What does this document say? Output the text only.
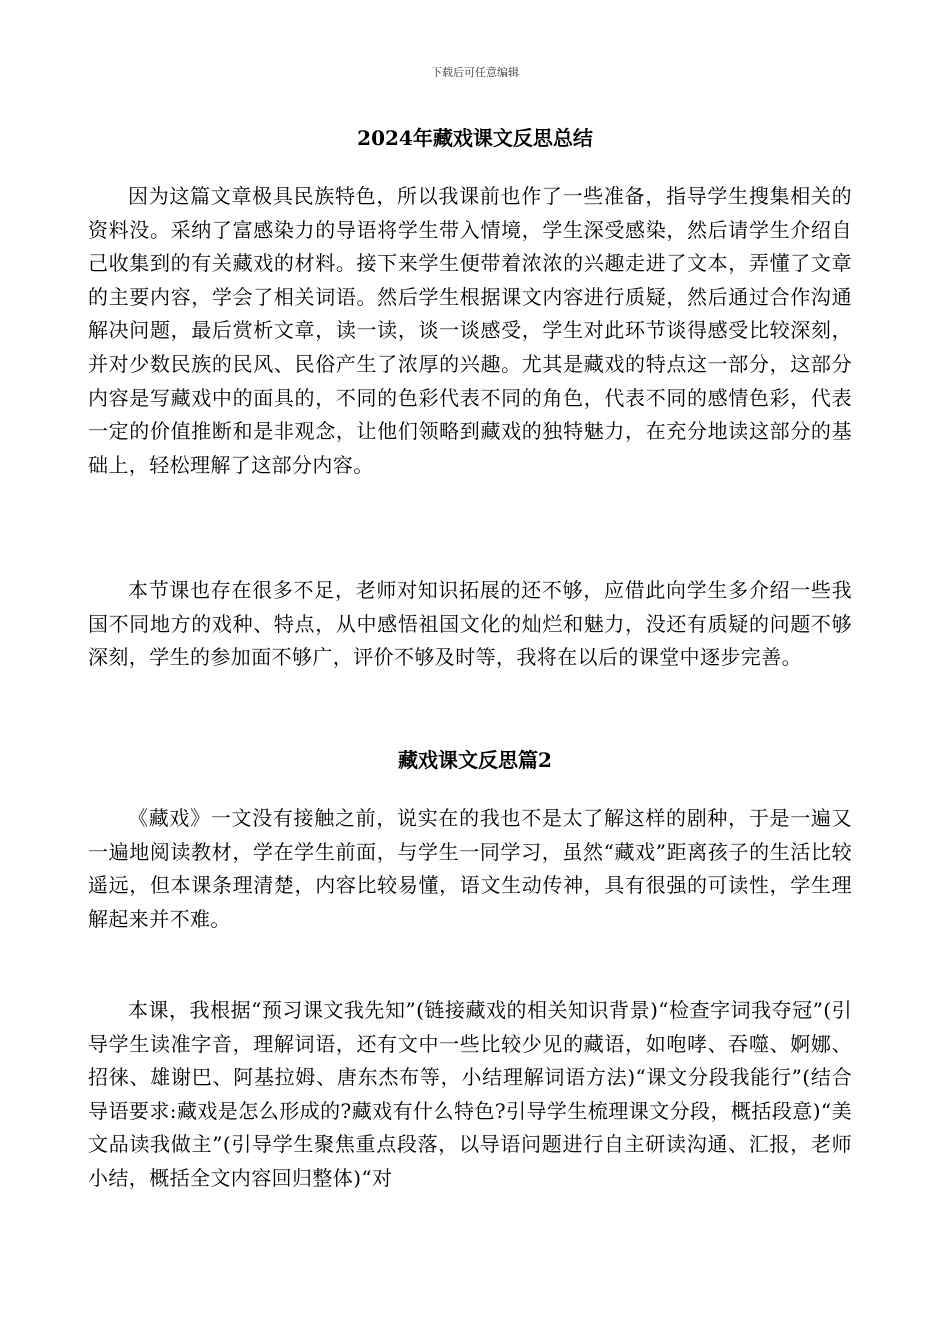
下载后可任意编辑
2024年藏戏课文反思总结

因为这篇文章极具民族特色，所以我课前也作了一些准备，指导学生搜集相关的资料没。采纳了富感染力的导语将学生带入情境，学生深受感染，然后请学生介绍自己收集到的有关藏戏的材料。接下来学生便带着浓浓的兴趣走进了文本，弄懂了文章的主要内容，学会了相关词语。然后学生根据课文内容进行质疑，然后通过合作沟通解决问题，最后赏析文章，读一读，谈一谈感受，学生对此环节谈得感受比较深刻，并对少数民族的民风、民俗产生了浓厚的兴趣。尤其是藏戏的特点这一部分，这部分内容是写藏戏中的面具的，不同的色彩代表不同的角色，代表不同的感情色彩，代表一定的价值推断和是非观念，让他们领略到藏戏的独特魅力，在充分地读这部分的基础上，轻松理解了这部分内容。

本节课也存在很多不足，老师对知识拓展的还不够，应借此向学生多介绍一些我国不同地方的戏种、特点，从中感悟祖国文化的灿烂和魅力，没还有质疑的问题不够深刻，学生的参加面不够广，评价不够及时等，我将在以后的课堂中逐步完善。

藏戏课文反思篇2

《藏戏》一文没有接触之前，说实在的我也不是太了解这样的剧种，于是一遍又一遍地阅读教材，学在学生前面，与学生一同学习，虽然“藏戏”距离孩子的生活比较遥远，但本课条理清楚，内容比较易懂，语文生动传神，具有很强的可读性，学生理解起来并不难。

本课，我根据“预习课文我先知”(链接藏戏的相关知识背景)“检查字词我夺冠”(引导学生读准字音，理解词语，还有文中一些比较少见的藏语，如咆哮、吞噬、婀娜、招徕、雄谢巴、阿基拉姆、唐东杰布等，小结理解词语方法)“课文分段我能行”(结合导语要求:藏戏是怎么形成的?藏戏有什么特色?引导学生梳理课文分段，概括段意)“美文品读我做主”(引导学生聚焦重点段落，以导语问题进行自主研读沟通、汇报，老师小结，概括全文内容回归整体)“对
